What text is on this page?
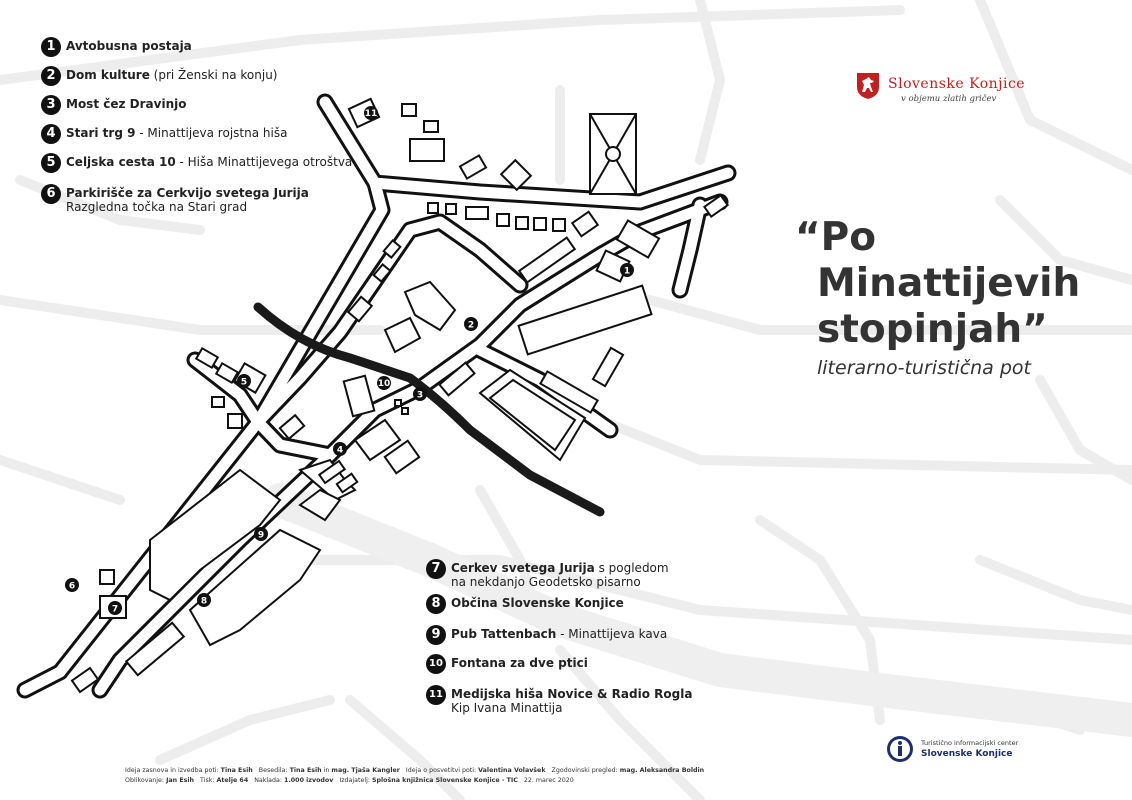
Dravinja
1
2
3
4
5
6
7
8
9
10
11
1 Avtobusna postaja
2 Dom kulture (pri Ženski na konju)
3 Most čez Dravinjo
4 Stari trg 9 - Minattijeva rojstna hiša
5 Celjska cesta 10 - Hiša Minattijevega otroštva
6 Parkirišče za Cerkvijo svetega Jurija
Razgledna točka na Stari grad
7 Cerkev svetega Jurija s pogledom
na nekdanjo Geodetsko pisarno
8 Občina Slovenske Konjice
9 Pub Tattenbach - Minattijeva kava
10 Fontana za dve ptici
11 Medijska hiša Novice & Radio Rogla
Kip Ivana Minattija
Slovenske Konjice
v objemu zlatih gričev
“Po
Minattijevih
stopinjah”
literarno-turistična pot
Turistično informacijski center
Slovenske Konjice
Ideja zasnova in izvedba poti: Tina Esih Besedila: Tina Esih in mag. Tjaša Kangler Ideja o posvetitvi poti: Valentina Volavšek Zgodovinski pregled: mag. Aleksandra Boldin
Oblikovanje: Jan Esih Tisk: Atelje 64 Naklada: 1.000 izvodov Izdajatelj: Splošna knjižnica Slovenske Konjice - TIC 22. marec 2020
